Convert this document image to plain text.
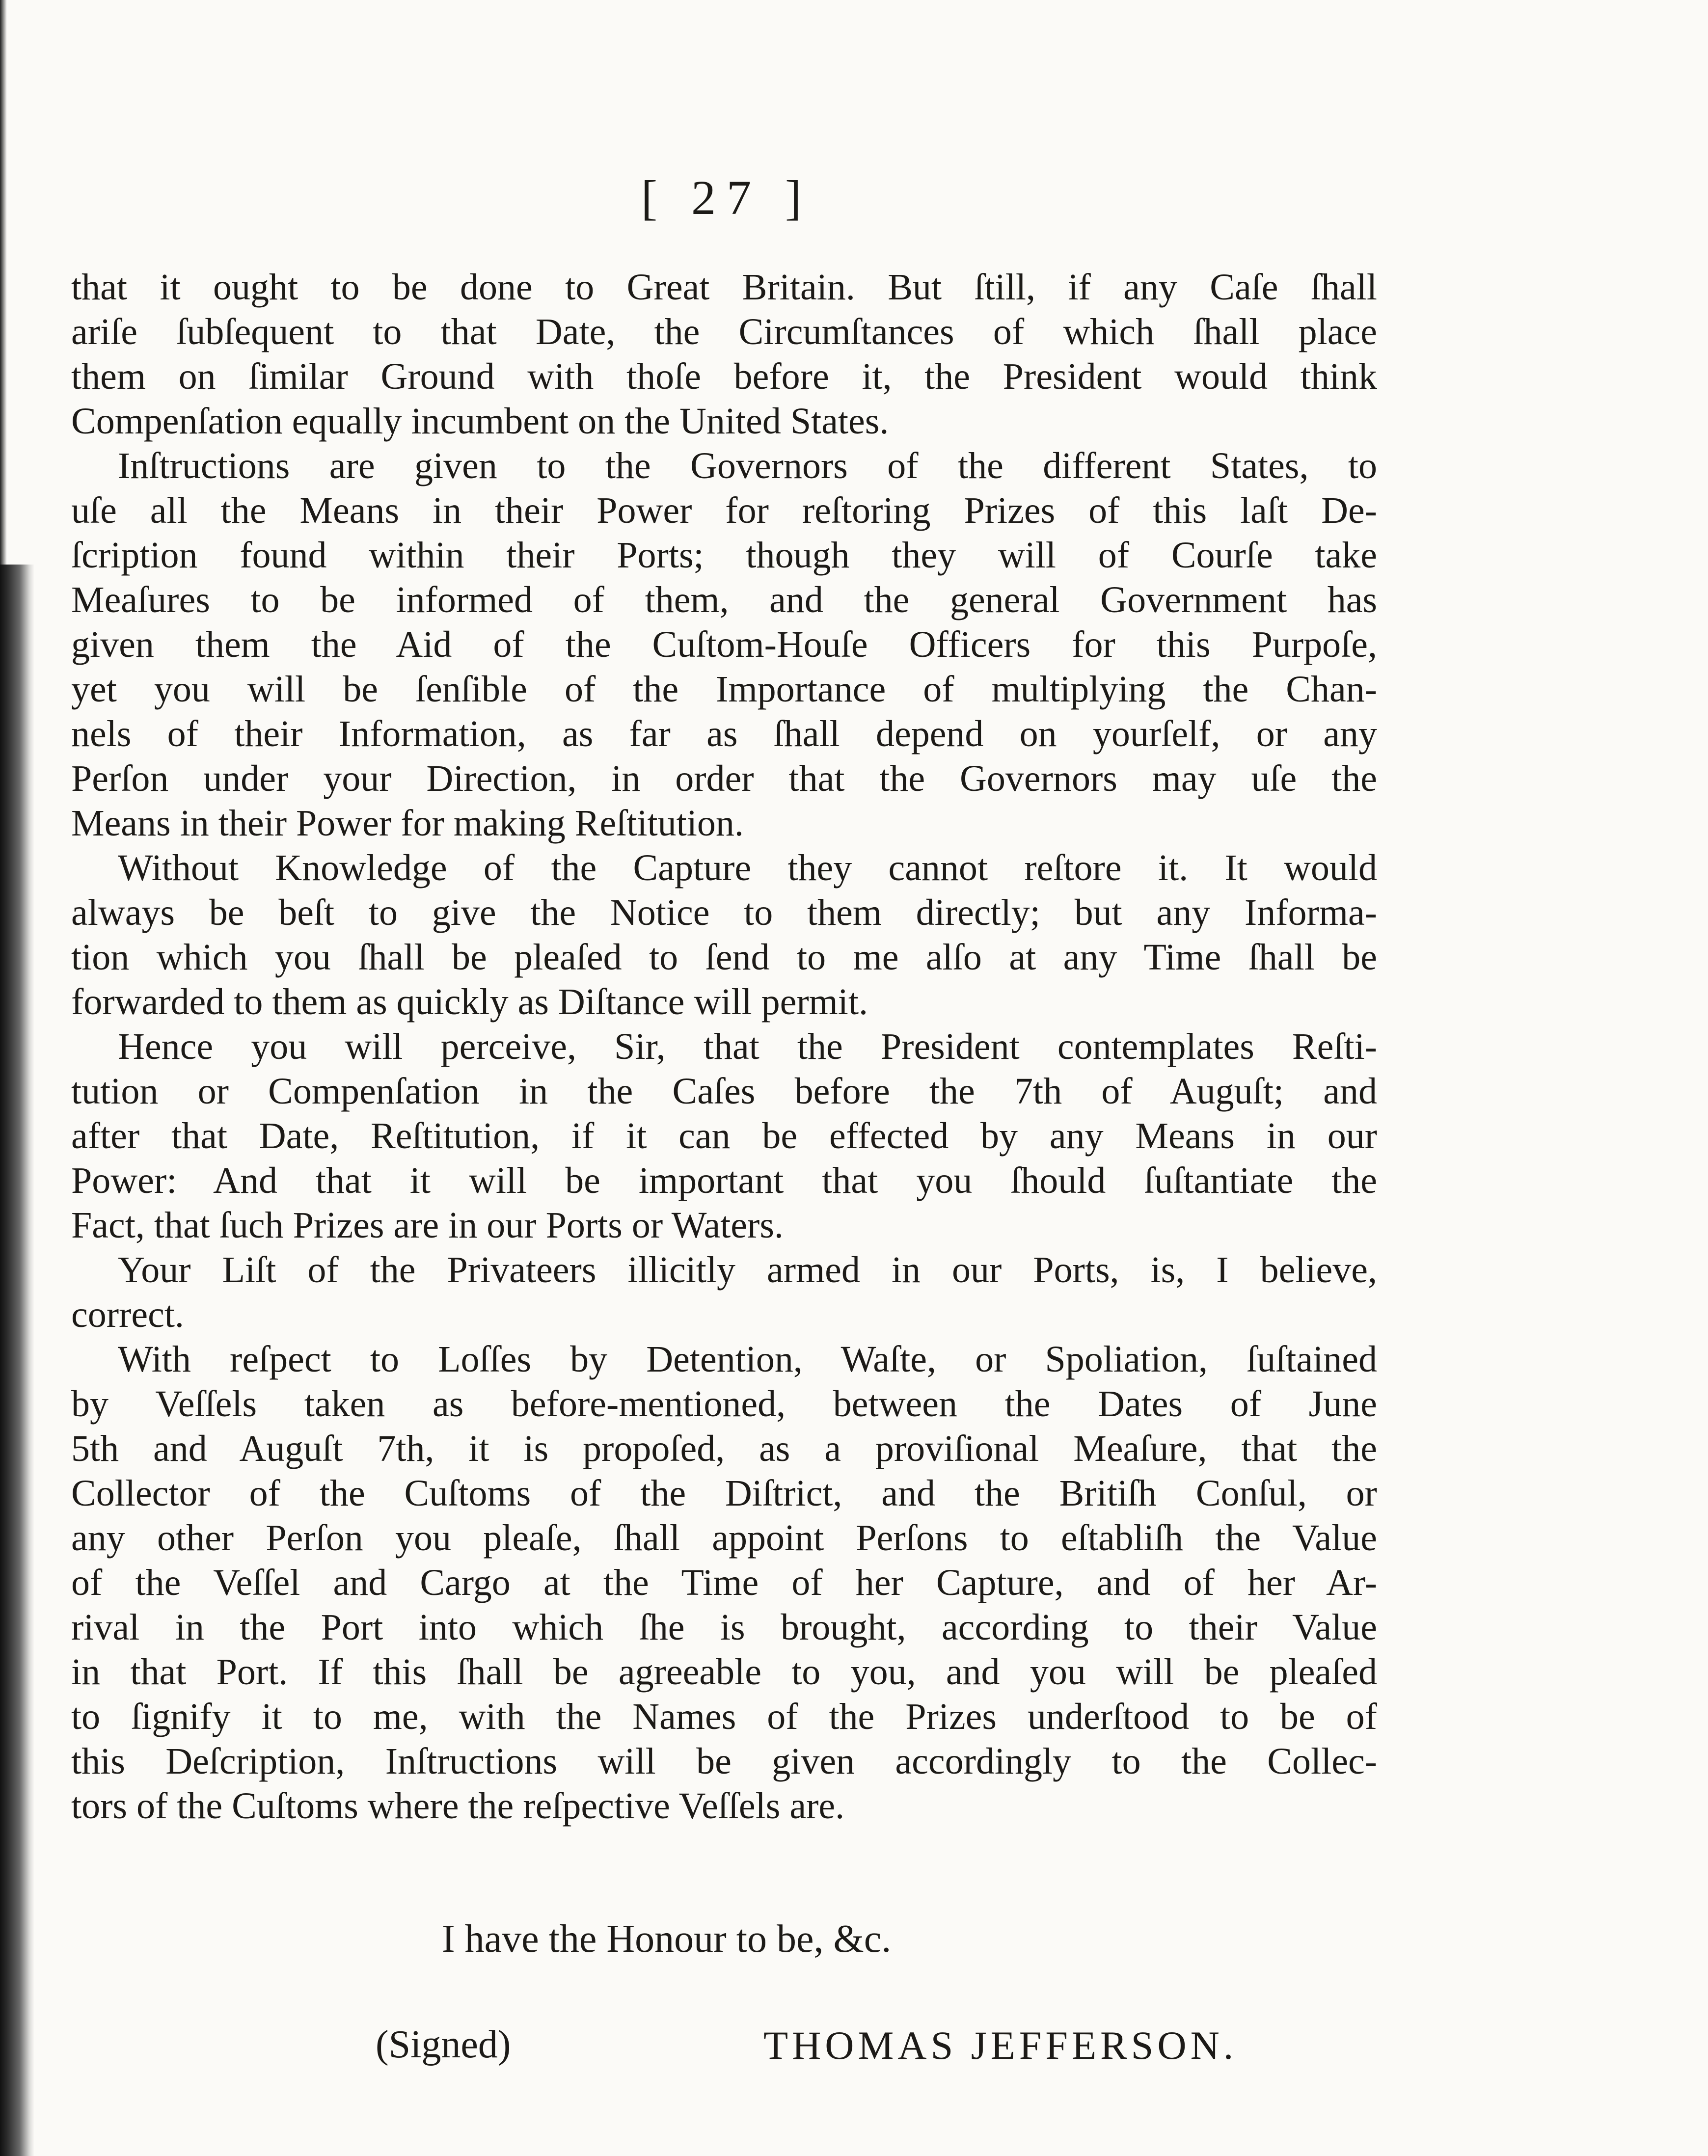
[ 27 ]
that it ought to be done to Great Britain. But ſtill, if any Caſe ſhall
ariſe ſubſequent to that Date, the Circumſtances of which ſhall place
them on ſimilar Ground with thoſe before it, the President would think
Compenſation equally incumbent on the United States.
Inſtructions are given to the Governors of the different States, to
uſe all the Means in their Power for reſtoring Prizes of this laſt De-
ſcription found within their Ports; though they will of Courſe take
Meaſures to be informed of them, and the general Government has
given them the Aid of the Cuſtom-Houſe Officers for this Purpoſe,
yet you will be ſenſible of the Importance of multiplying the Chan-
nels of their Information, as far as ſhall depend on yourſelf, or any
Perſon under your Direction, in order that the Governors may uſe the
Means in their Power for making Reſtitution.
Without Knowledge of the Capture they cannot reſtore it. It would
always be beſt to give the Notice to them directly; but any Informa-
tion which you ſhall be pleaſed to ſend to me alſo at any Time ſhall be
forwarded to them as quickly as Diſtance will permit.
Hence you will perceive, Sir, that the President contemplates Reſti-
tution or Compenſation in the Caſes before the 7th of Auguſt; and
after that Date, Reſtitution, if it can be effected by any Means in our
Power: And that it will be important that you ſhould ſuſtantiate the
Fact, that ſuch Prizes are in our Ports or Waters.
Your Liſt of the Privateers illicitly armed in our Ports, is, I believe,
correct.
With reſpect to Loſſes by Detention, Waſte, or Spoliation, ſuſtained
by Veſſels taken as before-mentioned, between the Dates of June
5th and Auguſt 7th, it is propoſed, as a proviſional Meaſure, that the
Collector of the Cuſtoms of the Diſtrict, and the Britiſh Conſul, or
any other Perſon you pleaſe, ſhall appoint Perſons to eſtabliſh the Value
of the Veſſel and Cargo at the Time of her Capture, and of her Ar-
rival in the Port into which ſhe is brought, according to their Value
in that Port. If this ſhall be agreeable to you, and you will be pleaſed
to ſignify it to me, with the Names of the Prizes underſtood to be of
this Deſcription, Inſtructions will be given accordingly to the Collec-
tors of the Cuſtoms where the reſpective Veſſels are.
I have the Honour to be, &c.
(Signed)	THOMAS JEFFERSON.
